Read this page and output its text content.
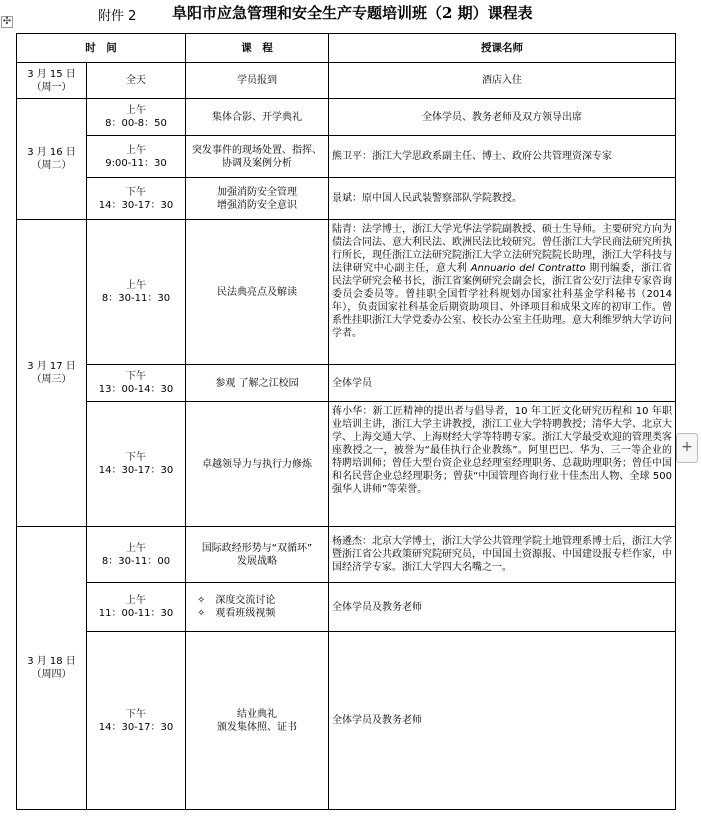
✣	附件 2 阜阳市应急管理和安全生产专题培训班（2 期）课程表
+
时　间		课　程	授课名师

3 月 15 日
（周一）	全天	学员报到	酒店入住

3 月 16 日
（周二）	上午
8：00-8：50	集体合影、开学典礼	全体学员、教务老师及双方领导出席

	上午
9:00-11：30	突发事件的现场处置、指挥、
协调及案例分析	熊卫平：浙江大学思政系副主任、博士、政府公共管理资深专家

	下午
14：30-17：30	加强消防安全管理
增强消防安全意识	景斌：原中国人民武装警察部队学院教授。

3 月 17 日
（周三）	上午
8：30-11：30	民法典亮点及解读	陆青：法学博士，浙江大学光华法学院副教授、硕士生导师。主要研究方向为债法合同法、意大利民法、欧洲民法比较研究。曾任浙江大学民商法研究所执行所长，现任浙江立法研究院浙江大学立法研究院院长助理，浙江大学科技与法律研究中心副主任，意大利 Annuario del Contratto 期刊编委，浙江省民法学研究会秘书长，浙江省案例研究会副会长，浙江省公安厅法律专家咨询委员会委员等。曾挂职全国哲学社科规划办国家社科基金学科秘书（2014 年），负责国家社科基金后期资助项目、外译项目和成果文库的初审工作。曾系性挂职浙江大学党委办公室、校长办公室主任助理。意大利维罗纳大学访问学者。

	下午
13：00-14：30	参观 了解之江校园	全体学员

	下午
14：30-17：30	卓越领导力与执行力修炼	蒋小华：新工匠精神的提出者与倡导者，10 年工匠文化研究历程和 10 年职业培训主讲，浙江大学主讲教授，浙江工业大学特聘教授；清华大学、北京大学、上海交通大学、上海财经大学等特聘专家。浙江大学最受欢迎的管理类客座教授之一，被誉为“最佳执行企业教练”。阿里巴巴、华为、三一等企业的特聘培训师；曾任大型台资企业总经理室经理职务、总裁助理职务；曾任中国和名民营企业总经理职务；曾获“中国管理咨询行业十佳杰出人物、全球 500 强华人讲师”等荣誉。

3 月 18 日
（周四）	上午
8：30-11：00	国际政经形势与“双循环”
发展战略	杨遴杰：北京大学博士，浙江大学公共管理学院土地管理系博士后，浙江大学暨浙江省公共政策研究院研究员，中国国土资源报、中国建设报专栏作家，中国经济学专家。浙江大学四大名嘴之一。

	上午
11：00-11：30	✧　 深度交流讨论
✧　 观看班级视频	全体学员及教务老师

	下午
14：30-17：30	结业典礼
颁发集体照、证书	全体学员及教务老师
